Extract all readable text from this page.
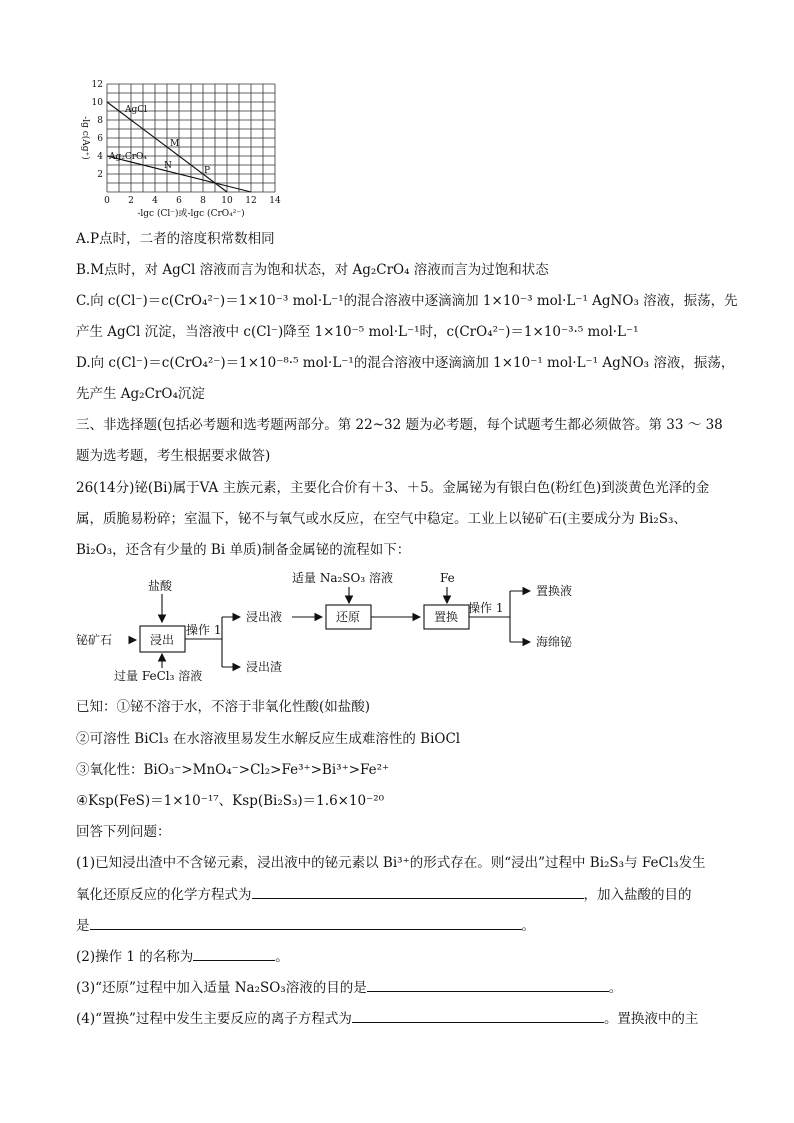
12
10
8
6
4
2
0 2 4 6 8 10 12 14
-lg c(Ag⁺)
-lgc (Cl⁻)或-lgc (CrO₄²⁻)
AgCl
Ag₂CrO₄
M
N	P
A.P点时，二者的溶度积常数相同
B.M点时，对 AgCl 溶液而言为饱和状态，对 Ag₂CrO₄ 溶液而言为过饱和状态
C.向 c(Cl⁻)＝c(CrO₄²⁻)＝1×10⁻³ mol·L⁻¹的混合溶液中逐滴滴加 1×10⁻³ mol·L⁻¹ AgNO₃ 溶液，振荡，先
产生 AgCl 沉淀，当溶液中 c(Cl⁻)降至 1×10⁻⁵ mol·L⁻¹时，c(CrO₄²⁻)＝1×10⁻³·⁵ mol·L⁻¹
D.向 c(Cl⁻)＝c(CrO₄²⁻)＝1×10⁻⁸·⁵ mol·L⁻¹的混合溶液中逐滴滴加 1×10⁻¹ mol·L⁻¹ AgNO₃ 溶液，振荡，
先产生 Ag₂CrO₄沉淀
三、非选择题(包括必考题和选考题两部分。第 22~32 题为必考题，每个试题考生都必须做答。第 33 ～ 38
题为选考题，考生根据要求做答)
26(14分)铋(Bi)属于VA 主族元素，主要化合价有＋3、＋5。金属铋为有银白色(粉红色)到淡黄色光泽的金
属，质脆易粉碎；室温下，铋不与氧气或水反应，在空气中稳定。工业上以铋矿石(主要成分为 Bi₂S₃、
Bi₂O₃，还含有少量的 Bi 单质)制备金属铋的流程如下：
铋矿石
盐酸
浸出
过量 FeCl₃ 溶液
操作 1
浸出液
浸出渣
适量 Na₂SO₃ 溶液
还原
Fe
置换
操作 1
置换液
海绵铋
已知：①铋不溶于水，不溶于非氧化性酸(如盐酸)
②可溶性 BiCl₃ 在水溶液里易发生水解反应生成难溶性的 BiOCl
③氧化性：BiO₃⁻>MnO₄⁻>Cl₂>Fe³⁺>Bi³⁺>Fe²⁺
④Ksp(FeS)＝1×10⁻¹⁷、Ksp(Bi₂S₃)＝1.6×10⁻²⁰
回答下列问题：
(1)已知浸出渣中不含铋元素，浸出液中的铋元素以 Bi³⁺的形式存在。则“浸出”过程中 Bi₂S₃与 FeCl₃发生
氧化还原反应的化学方程式为	，加入盐酸的目的
是	。
(2)操作 1 的名称为	。
(3)“还原”过程中加入适量 Na₂SO₃溶液的目的是	。
(4)“置换”过程中发生主要反应的离子方程式为	。置换液中的主
